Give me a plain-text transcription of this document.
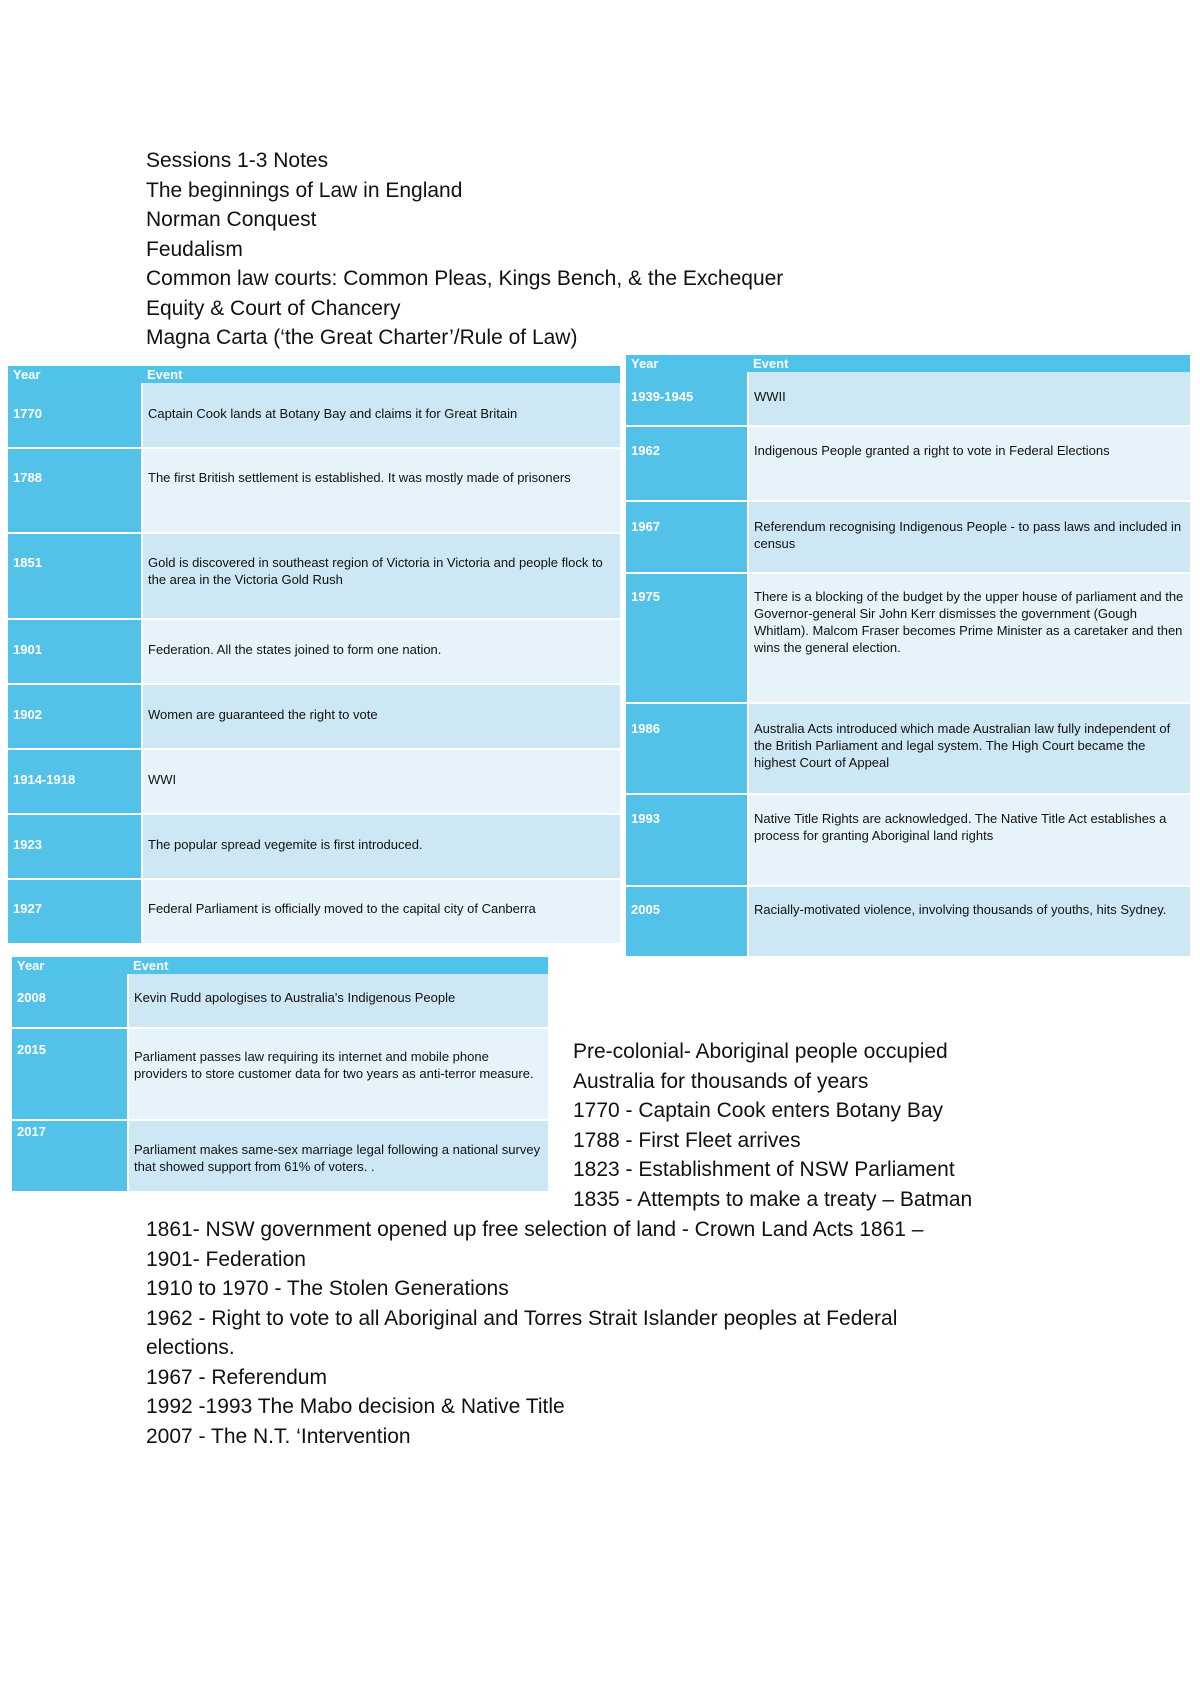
Sessions 1-3 Notes
The beginnings of Law in England
Norman Conquest
Feudalism
Common law courts: Common Pleas, Kings Bench, & the Exchequer
Equity & Court of Chancery
Magna Carta (‘the Great Charter’/Rule of Law)
Year	Event
1770	Captain Cook lands at Botany Bay and claims it for Great Britain
1788	The first British settlement is established. It was mostly made of prisoners
1851	Gold is discovered in southeast region of Victoria in Victoria and people flock to the area in the Victoria Gold Rush
1901	Federation. All the states joined to form one nation.
1902	Women are guaranteed the right to vote
1914-1918	WWI
1923	The popular spread vegemite is first introduced.
1927	Federal Parliament is officially moved to the capital city of Canberra
Year	Event
1939-1945	WWII
1962	Indigenous People granted a right to vote in Federal Elections
1967	Referendum recognising Indigenous People - to pass laws and included in census
1975	There is a blocking of the budget by the upper house of parliament and the Governor-general Sir John Kerr dismisses the government (Gough Whitlam). Malcom Fraser becomes Prime Minister as a caretaker and then wins the general election.
1986	Australia Acts introduced which made Australian law fully independent of the British Parliament and legal system. The High Court became the highest Court of Appeal
1993	Native Title Rights are acknowledged. The Native Title Act establishes a process for granting Aboriginal land rights
2005	Racially-motivated violence, involving thousands of youths, hits Sydney.
Year	Event
2008	Kevin Rudd apologises to Australia's Indigenous People
2015	Parliament passes law requiring its internet and mobile phone providers to store customer data for two years as anti-terror measure.
2017	Parliament makes same-sex marriage legal following a national survey that showed support from 61% of voters. .
Pre-colonial- Aboriginal people occupied
Australia for thousands of years
1770 - Captain Cook enters Botany Bay
1788 - First Fleet arrives
1823 - Establishment of NSW Parliament
1835 - Attempts to make a treaty – Batman
1861- NSW government opened up free selection of land - Crown Land Acts 1861 –
1901- Federation
1910 to 1970 - The Stolen Generations
1962 - Right to vote to all Aboriginal and Torres Strait Islander peoples at Federal
elections.
1967 - Referendum
1992 -1993 The Mabo decision & Native Title
2007 - The N.T. ‘Intervention
